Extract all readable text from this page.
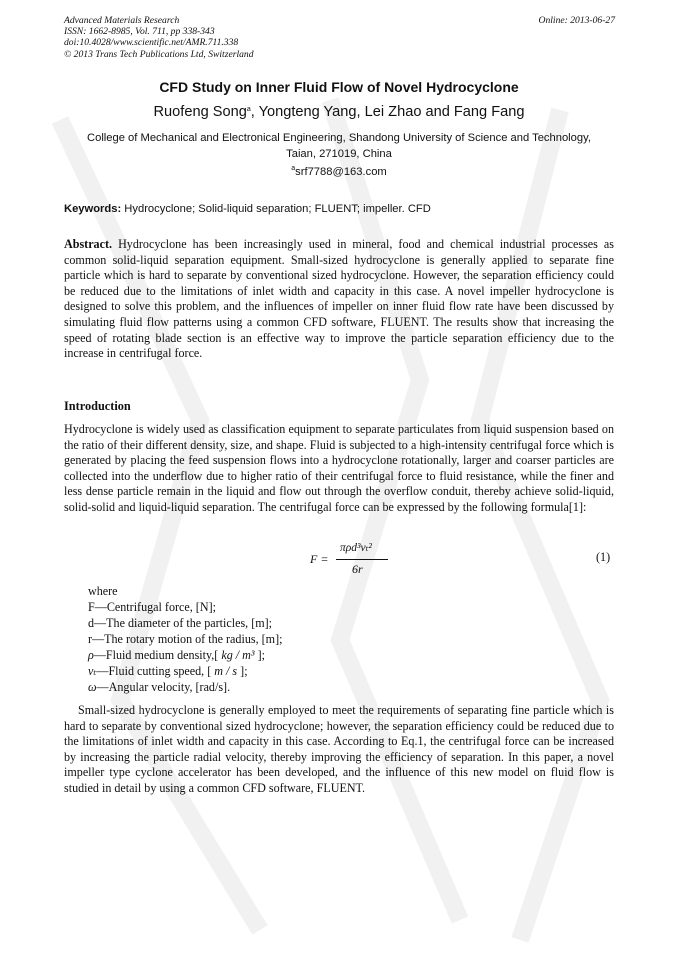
Advanced Materials Research
ISSN: 1662-8985, Vol. 711, pp 338-343
doi:10.4028/www.scientific.net/AMR.711.338
© 2013 Trans Tech Publications Ltd, Switzerland
Online: 2013-06-27
CFD Study on Inner Fluid Flow of Novel Hydrocyclone
Ruofeng Song$^a$, Yongteng Yang, Lei Zhao and Fang Fang
College of Mechanical and Electronical Engineering, Shandong University of Science and Technology, Taian, 271019, China
$^a$srf7788@163.com
Keywords: Hydrocyclone; Solid-liquid separation; FLUENT; impeller. CFD
Abstract. Hydrocyclone has been increasingly used in mineral, food and chemical industrial processes as common solid-liquid separation equipment. Small-sized hydrocyclone is generally applied to separate fine particle which is hard to separate by conventional sized hydrocyclone. However, the separation efficiency could be reduced due to the limitations of inlet width and capacity in this case. A novel impeller hydrocyclone is designed to solve this problem, and the influences of impeller on inner fluid flow rate have been discussed by simulating fluid flow patterns using a common CFD software, FLUENT. The results show that increasing the speed of rotating blade section is an effective way to improve the particle separation efficiency due to the increase in centrifugal force.
Introduction
Hydrocyclone is widely used as classification equipment to separate particulates from liquid suspension based on the ratio of their different density, size, and shape. Fluid is subjected to a high-intensity centrifugal force which is generated by placing the feed suspension flows into a hydrocyclone rotationally, larger and coarser particles are collected into the underflow due to higher ratio of their centrifugal force to fluid resistance, while the finer and less dense particle remain in the liquid and flow out through the overflow conduit, thereby achieve solid-liquid, solid-solid and liquid-liquid separation. The centrifugal force can be expressed by the following formula[1]:
F =
πρd³vₜ²
6r
(1)
where
F—Centrifugal force, [N];
d—The diameter of the particles, [m];
r—The rotary motion of the radius, [m];
ρ—Fluid medium density,[ kg / m³ ];
vₜ—Fluid cutting speed, [ m / s ];
ω—Angular velocity, [rad/s].
Small-sized hydrocyclone is generally employed to meet the requirements of separating fine particle which is hard to separate by conventional sized hydrocyclone; however, the separation efficiency could be reduced due to the limitations of inlet width and capacity in this case. According to Eq.1, the centrifugal force can be increased by increasing the particle radial velocity, thereby improving the efficiency of separation. In this paper, a novel impeller type cyclone accelerator has been developed, and the influence of this new model on fluid flow is studied in detail by using a common CFD software, FLUENT.
